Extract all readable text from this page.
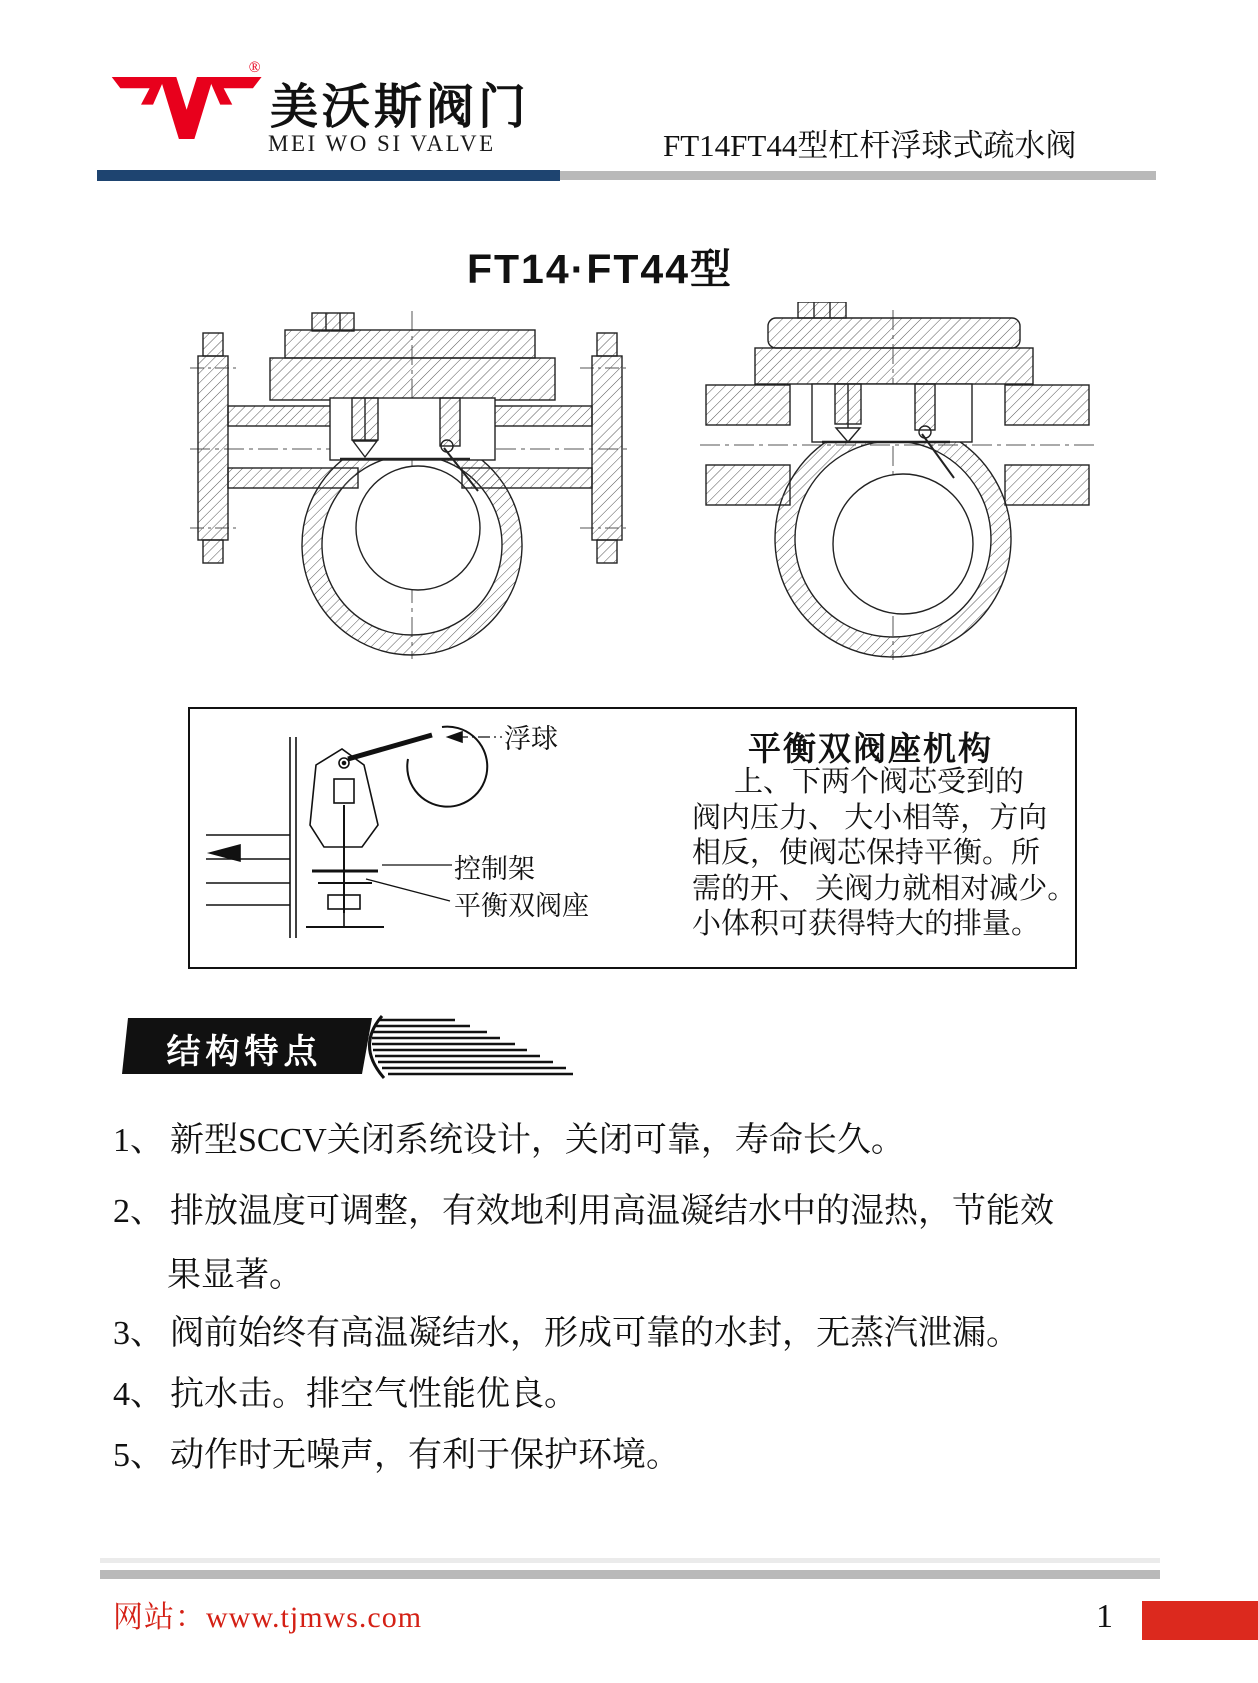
®
美沃斯阀门
MEI WO SI VALVE	FT14FT44型杠杆浮球式疏水阀
FT14·FT44型
浮球
控制架
平衡双阀座
平衡双阀座机构
上、下两个阀芯受到的
阀内压力、 大小相等，方向
相反，使阀芯保持平衡。所
需的开、 关阀力就相对减少。
小体积可获得特大的排量。
结构特点
1、 新型SCCV关闭系统设计，关闭可靠，寿命长久。
2、 排放温度可调整，有效地利用高温凝结水中的湿热，节能效
果显著。
3、 阀前始终有高温凝结水，形成可靠的水封，无蒸汽泄漏。
4、 抗水击。排空气性能优良。
5、 动作时无噪声，有利于保护环境。
网站：www.tjmws.com	1
